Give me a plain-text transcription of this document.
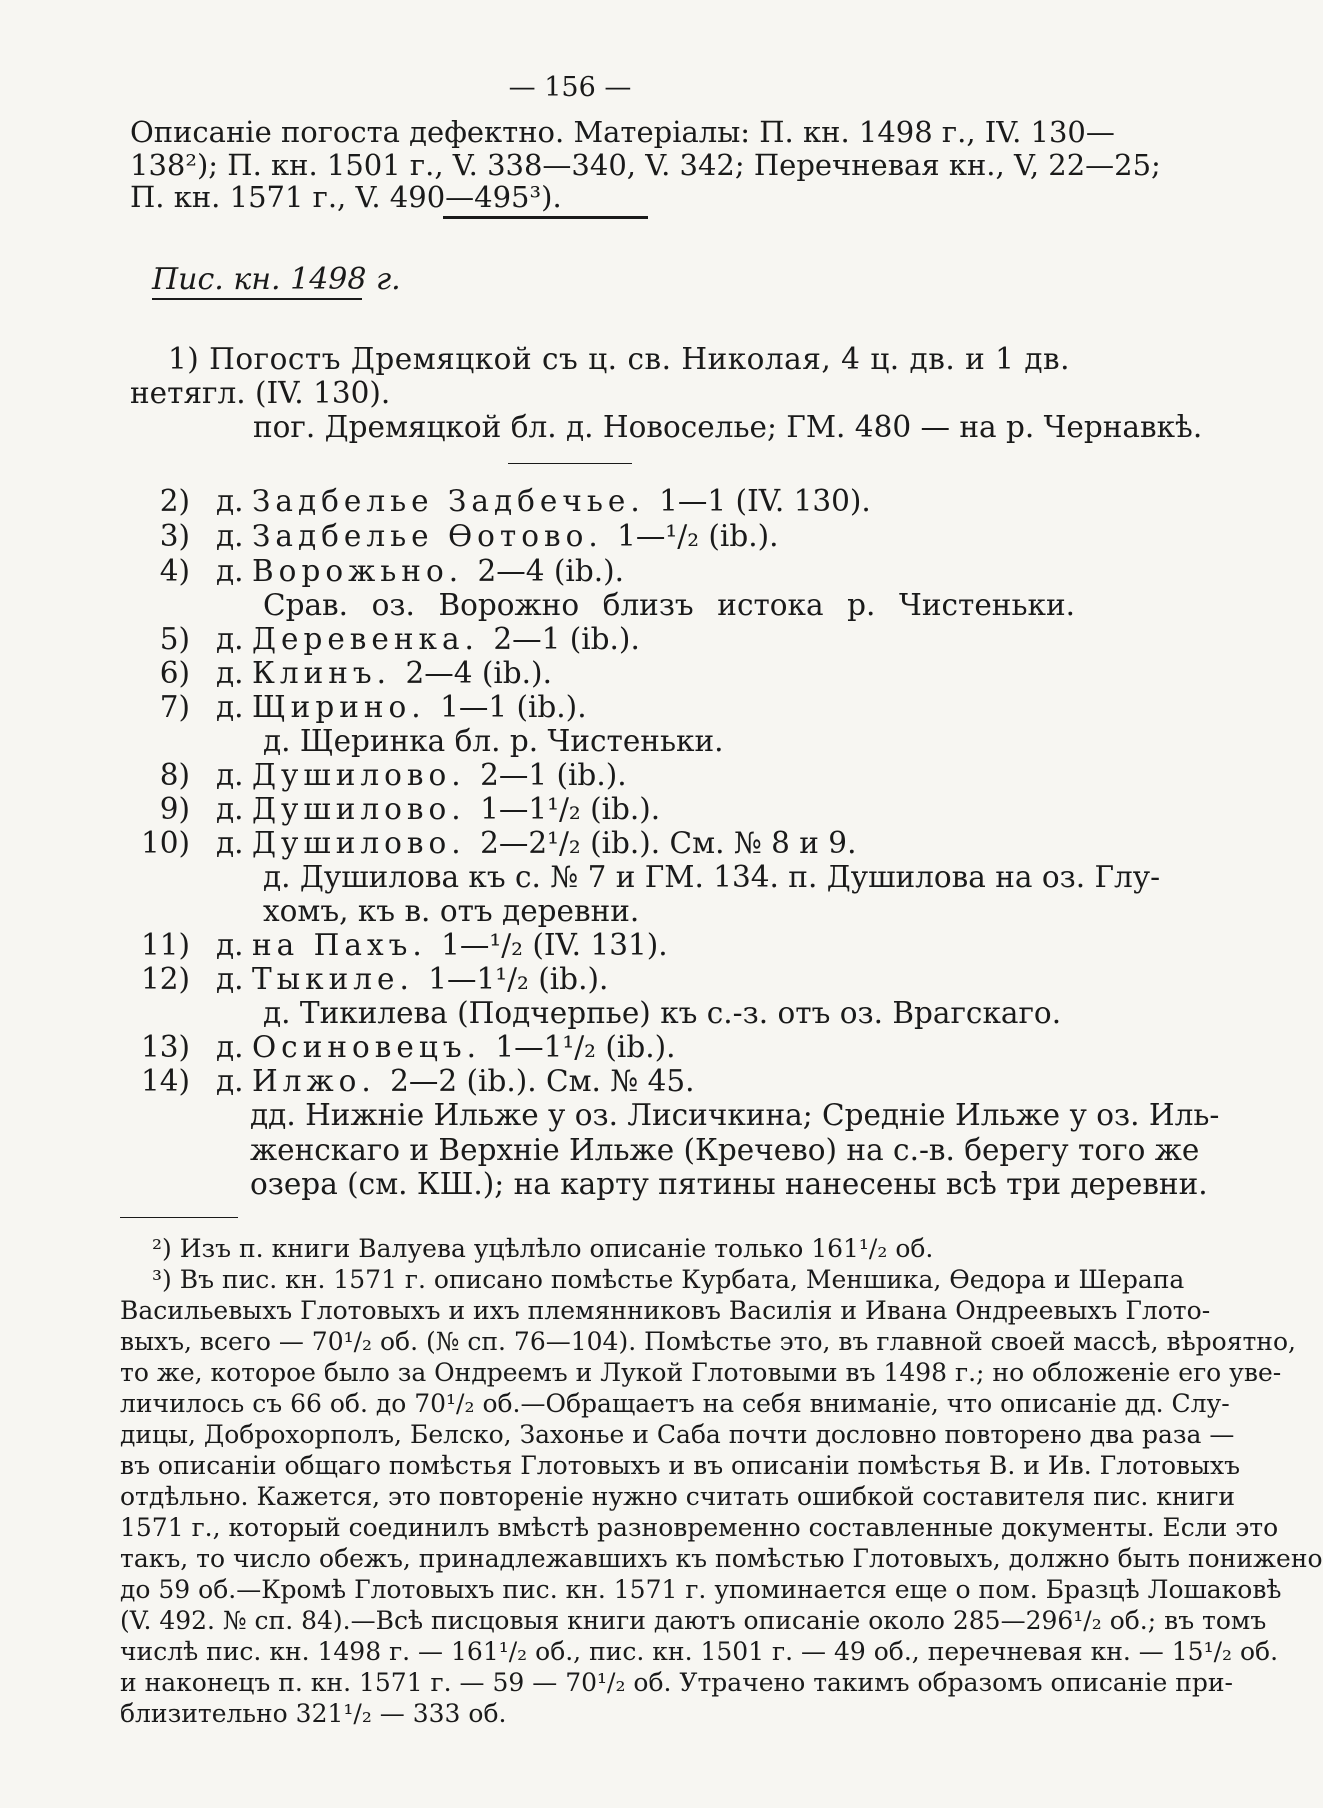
— 156 —
Описаніе погоста дефектно. Матеріалы: П. кн. 1498 г., IV. 130—
138²); П. кн. 1501 г., V. 338—340, V. 342; Перечневая кн., V, 22—25;
П. кн. 1571 г., V. 490—495³).
Пис. кн. 1498 г.
1) Погостъ Дремяцкой съ ц. св. Николая, 4 ц. дв. и 1 дв.
нетягл. (IV. 130).
пог. Дремяцкой бл. д. Новоселье; ГМ. 480 — на р. Чернавкѣ.
2) д. Задбелье Задбечье. 1—1 (IV. 130).
3) д. Задбелье Ѳотово. 1—¹/₂ (ib.).
4) д. Ворожьно. 2—4 (ib.).
Срав. оз. Ворожно близъ истока р. Чистеньки.
5) д. Деревенка. 2—1 (ib.).
6) д. Клинъ. 2—4 (ib.).
7) д. Щирино. 1—1 (ib.).
д. Щеринка бл. р. Чистеньки.
8) д. Душилово. 2—1 (ib.).
9) д. Душилово. 1—1¹/₂ (ib.).
10) д. Душилово. 2—2¹/₂ (ib.). См. № 8 и 9.
д. Душилова къ с. № 7 и ГМ. 134. п. Душилова на оз. Глу-
хомъ, къ в. отъ деревни.
11) д. на Пахъ. 1—¹/₂ (IV. 131).
12) д. Тыкиле. 1—1¹/₂ (ib.).
д. Тикилева (Подчерпье) къ с.-з. отъ оз. Врагскаго.
13) д. Осиновецъ. 1—1¹/₂ (ib.).
14) д. Илжо. 2—2 (ib.). См. № 45.
дд. Нижніе Ильже у оз. Лисичкина; Средніе Ильже у оз. Иль-
женскаго и Верхніе Ильже (Кречево) на с.-в. берегу того же
озера (см. КШ.); на карту пятины нанесены всѣ три деревни.
²) Изъ п. книги Валуева уцѣлѣло описаніе только 161¹/₂ об.
³) Въ пис. кн. 1571 г. описано помѣстье Курбата, Меншика, Ѳедора и Шерапа
Васильевыхъ Глотовыхъ и ихъ племянниковъ Василія и Ивана Ондреевыхъ Глото-
выхъ, всего — 70¹/₂ об. (№ сп. 76—104). Помѣстье это, въ главной своей массѣ, вѣроятно,
то же, которое было за Ондреемъ и Лукой Глотовыми въ 1498 г.; но обложеніе его уве-
личилось съ 66 об. до 70¹/₂ об.—Обращаетъ на себя вниманіе, что описаніе дд. Слу-
дицы, Доброхорполъ, Белско, Захонье и Саба почти дословно повторено два раза —
въ описаніи общаго помѣстья Глотовыхъ и въ описаніи помѣстья В. и Ив. Глотовыхъ
отдѣльно. Кажется, это повтореніе нужно считать ошибкой составителя пис. книги
1571 г., который соединилъ вмѣстѣ разновременно составленные документы. Если это
такъ, то число обежъ, принадлежавшихъ къ помѣстью Глотовыхъ, должно быть понижено
до 59 об.—Кромѣ Глотовыхъ пис. кн. 1571 г. упоминается еще о пом. Бразцѣ Лошаковѣ
(V. 492. № сп. 84).—Всѣ писцовыя книги даютъ описаніе около 285—296¹/₂ об.; въ томъ
числѣ пис. кн. 1498 г. — 161¹/₂ об., пис. кн. 1501 г. — 49 об., перечневая кн. — 15¹/₂ об.
и наконецъ п. кн. 1571 г. — 59 — 70¹/₂ об. Утрачено такимъ образомъ описаніе при-
близительно 321¹/₂ — 333 об.
